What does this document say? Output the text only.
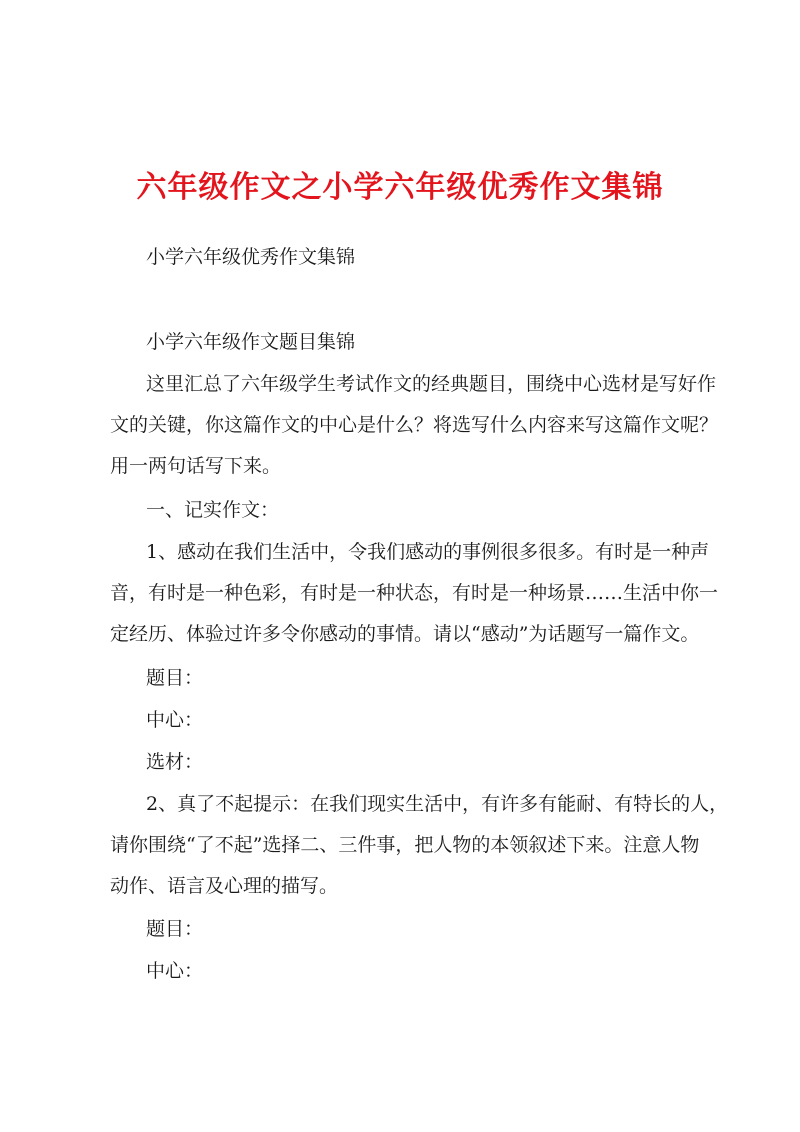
六年级作文之小学六年级优秀作文集锦
小学六年级优秀作文集锦
小学六年级作文题目集锦
这里汇总了六年级学生考试作文的经典题目，围绕中心选材是写好作
文的关键，你这篇作文的中心是什么？将选写什么内容来写这篇作文呢？
用一两句话写下来。
一、记实作文：
1、感动在我们生活中，令我们感动的事例很多很多。有时是一种声
音，有时是一种色彩，有时是一种状态，有时是一种场景……生活中你一
定经历、体验过许多令你感动的事情。请以“感动”为话题写一篇作文。
题目：
中心：
选材：
2、真了不起提示：在我们现实生活中，有许多有能耐、有特长的人，
请你围绕“了不起”选择二、三件事，把人物的本领叙述下来。注意人物
动作、语言及心理的描写。
题目：
中心：
